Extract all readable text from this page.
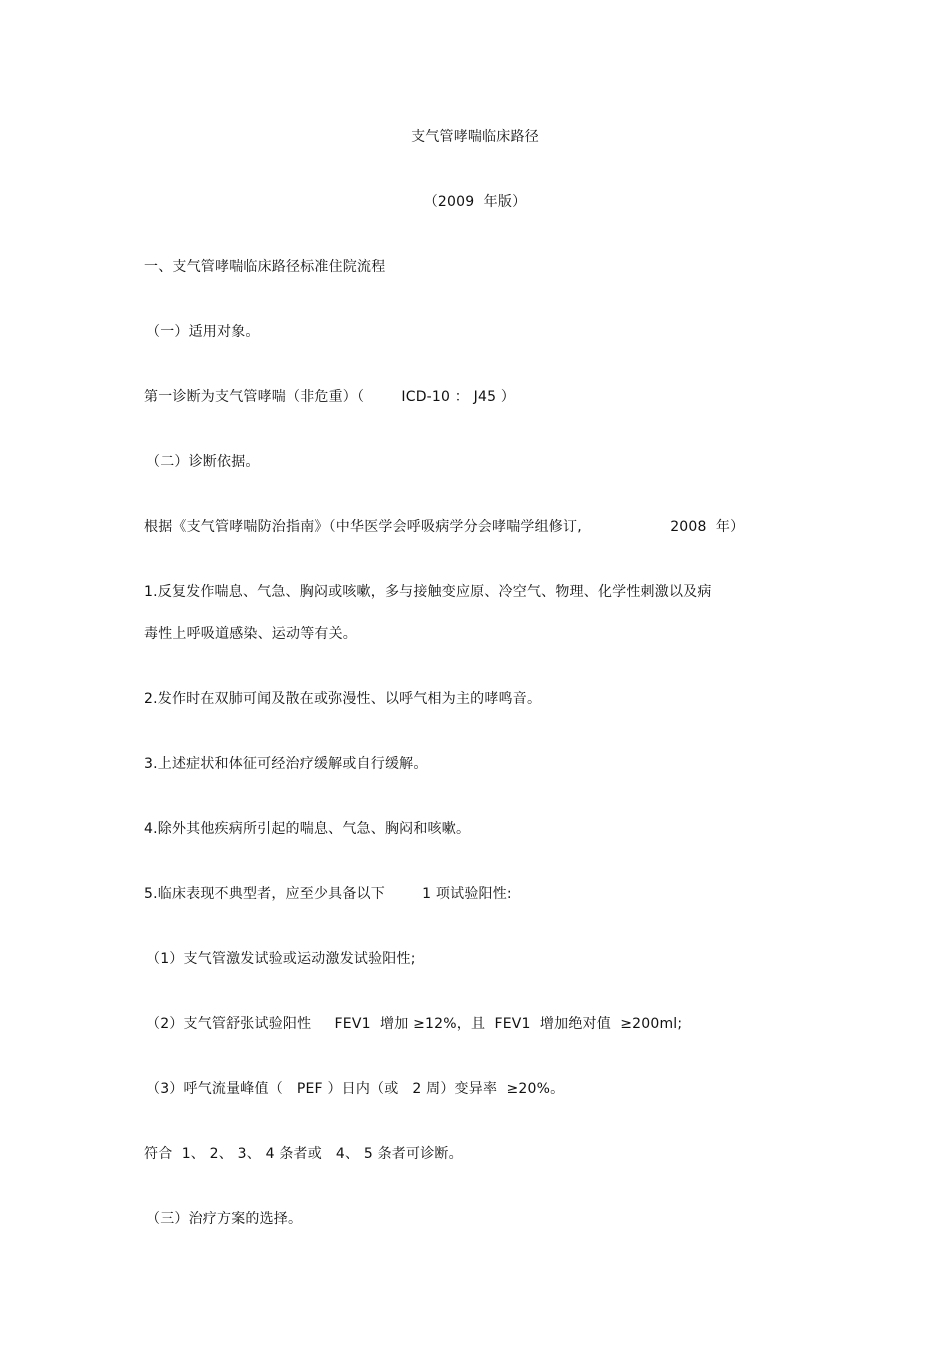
支气管哮喘临床路径
（2009  年版）
一、支气管哮喘临床路径标准住院流程
（一）适用对象。
第一诊断为支气管哮喘（非危重）（        ICD-10 ： J45 ）
（二）诊断依据。
根据《支气管哮喘防治指南》（中华医学会呼吸病学分会哮喘学组修订,                   2008  年）
1.反复发作喘息、气急、胸闷或咳嗽，多与接触变应原、冷空气、物理、化学性刺激以及病
毒性上呼吸道感染、运动等有关。
2.发作时在双肺可闻及散在或弥漫性、以呼气相为主的哮鸣音。
3.上述症状和体征可经治疗缓解或自行缓解。
4.除外其他疾病所引起的喘息、气急、胸闷和咳嗽。
5.临床表现不典型者，应至少具备以下        1 项试验阳性:
（1）支气管激发试验或运动激发试验阳性;
（2）支气管舒张试验阳性     FEV1  增加 ≥12%，且  FEV1  增加绝对值  ≥200ml;
（3）呼气流量峰值（   PEF ）日内（或   2 周）变异率  ≥20%。
符合  1、 2、 3、 4 条者或   4、 5 条者可诊断。
（三）治疗方案的选择。
